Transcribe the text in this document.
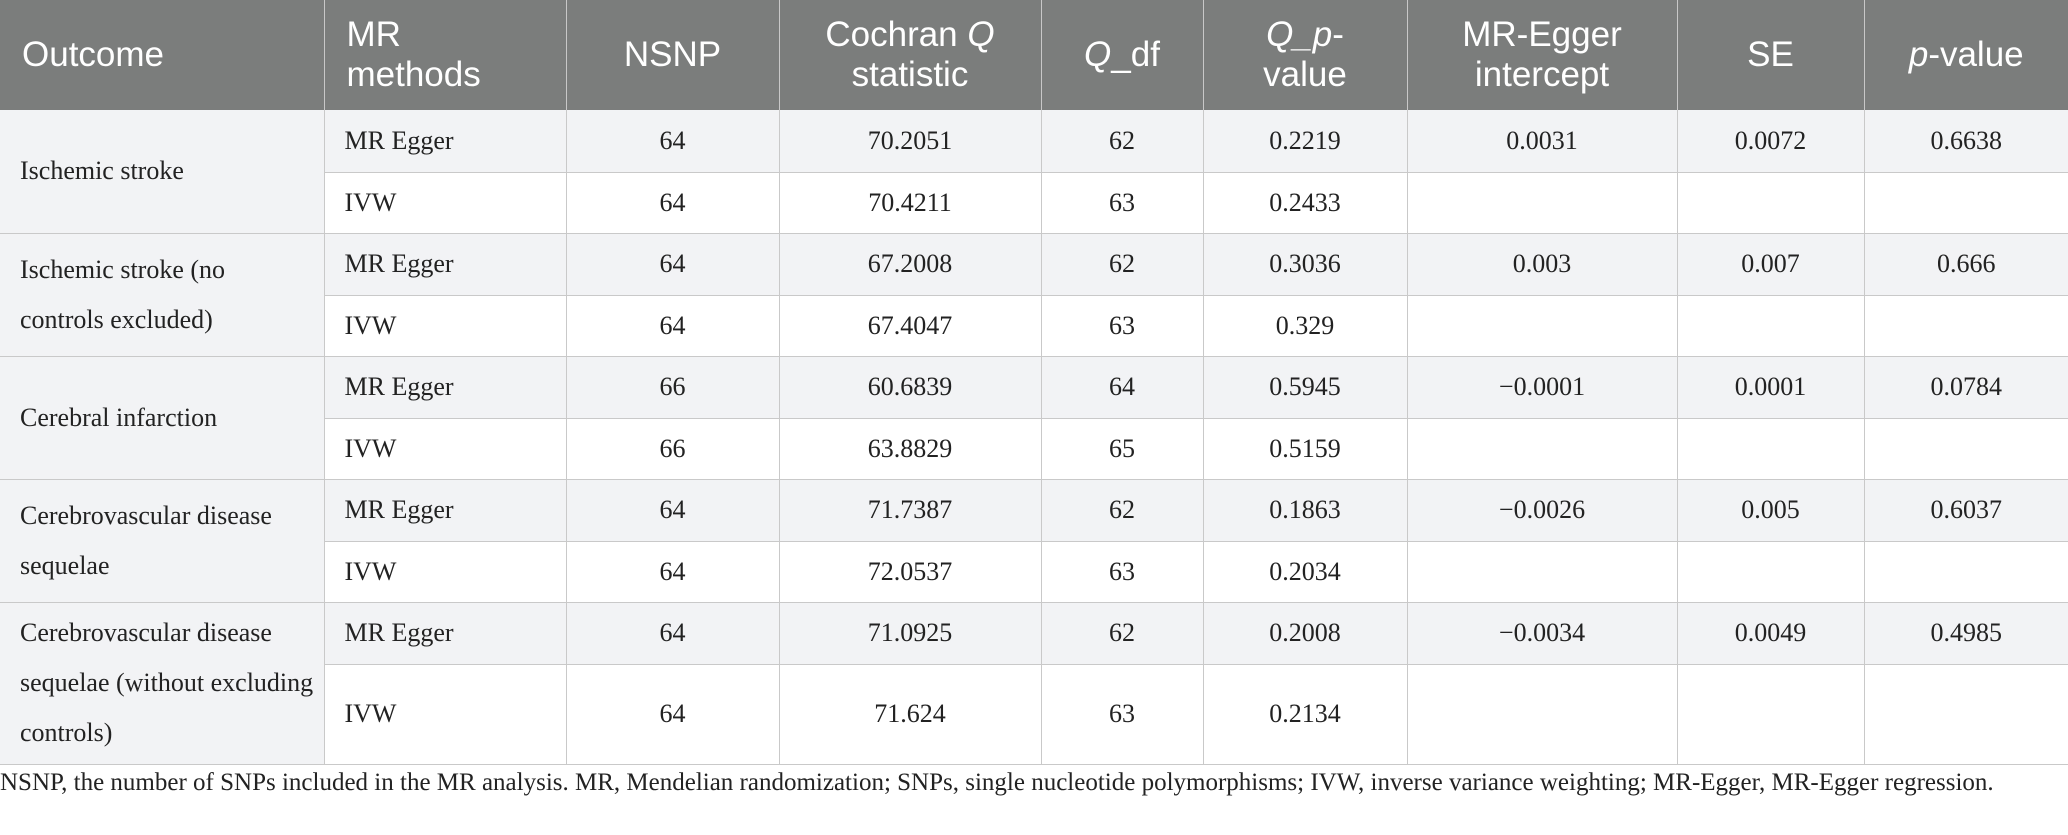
Outcome	MR methods	NSNP	Cochran Q statistic	Q_df	Q_p-value	MR-Egger intercept	SE	p-value
Ischemic stroke	MR Egger	64	70.2051	62	0.2219	0.0031	0.0072	0.6638
	IVW	64	70.4211	63	0.2433			
Ischemic stroke (no controls excluded)	MR Egger	64	67.2008	62	0.3036	0.003	0.007	0.666
	IVW	64	67.4047	63	0.329			
Cerebral infarction	MR Egger	66	60.6839	64	0.5945	−0.0001	0.0001	0.0784
	IVW	66	63.8829	65	0.5159			
Cerebrovascular disease sequelae	MR Egger	64	71.7387	62	0.1863	−0.0026	0.005	0.6037
	IVW	64	72.0537	63	0.2034			
Cerebrovascular disease sequelae (without excluding controls)	MR Egger	64	71.0925	62	0.2008	−0.0034	0.0049	0.4985
	IVW	64	71.624	63	0.2134			
NSNP, the number of SNPs included in the MR analysis. MR, Mendelian randomization; SNPs, single nucleotide polymorphisms; IVW, inverse variance weighting; MR-Egger, MR-Egger regression.
